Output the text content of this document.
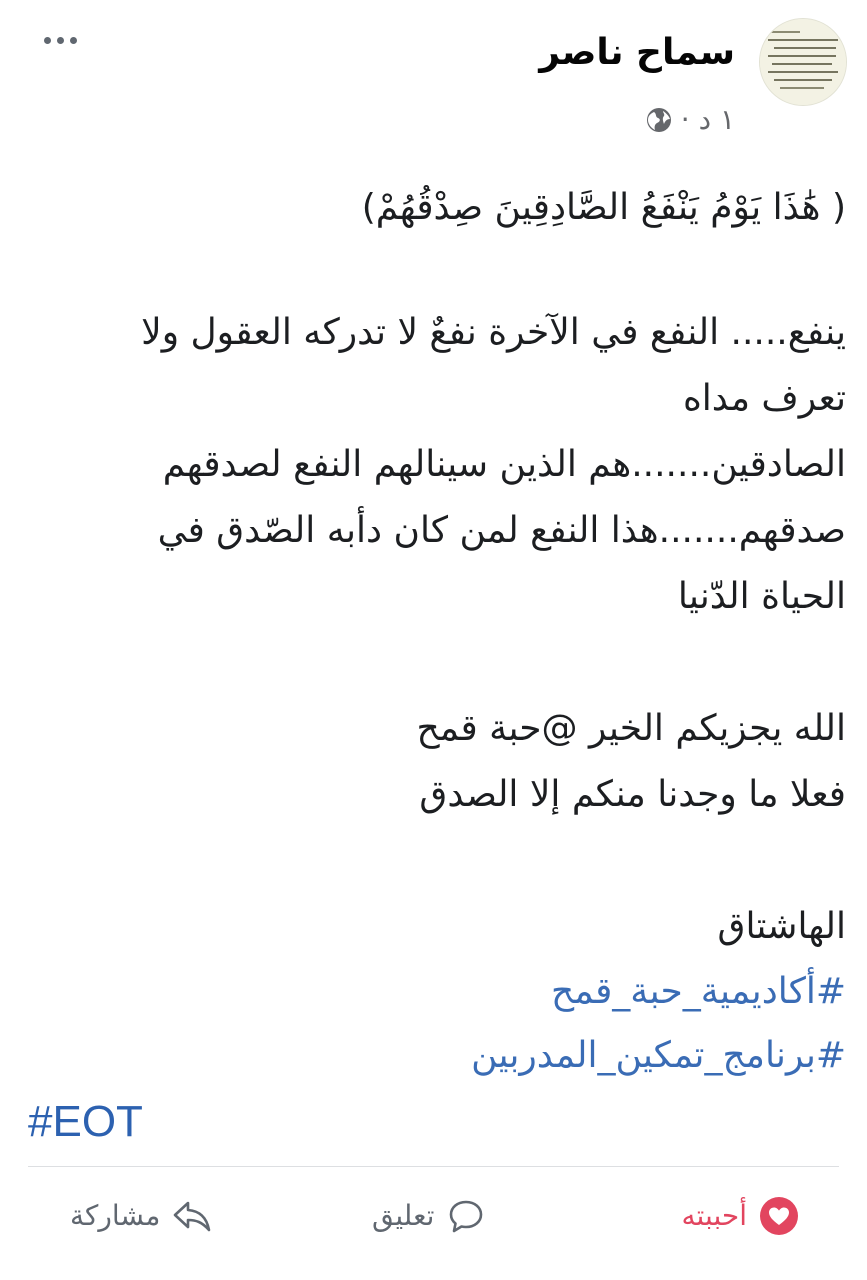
سماح ناصر
١ د ·
( هَٰذَا يَوْمُ يَنْفَعُ الصَّادِقِينَ صِدْقُهُمْ)
ينفع..... النفع في الآخرة نفعٌ لا تدركه العقول ولا
تعرف مداه
الصادقين.......هم الذين سينالهم النفع لصدقهم
صدقهم.......هذا النفع لمن كان دأبه الصّدق في
الحياة الدّنيا
الله يجزيكم الخير @حبة قمح
فعلا ما وجدنا منكم إلا الصدق
الهاشتاق
#أكاديمية_حبة_قمح
#برنامج_تمكين_المدربين
#EOT
أحببته
تعليق
مشاركة
